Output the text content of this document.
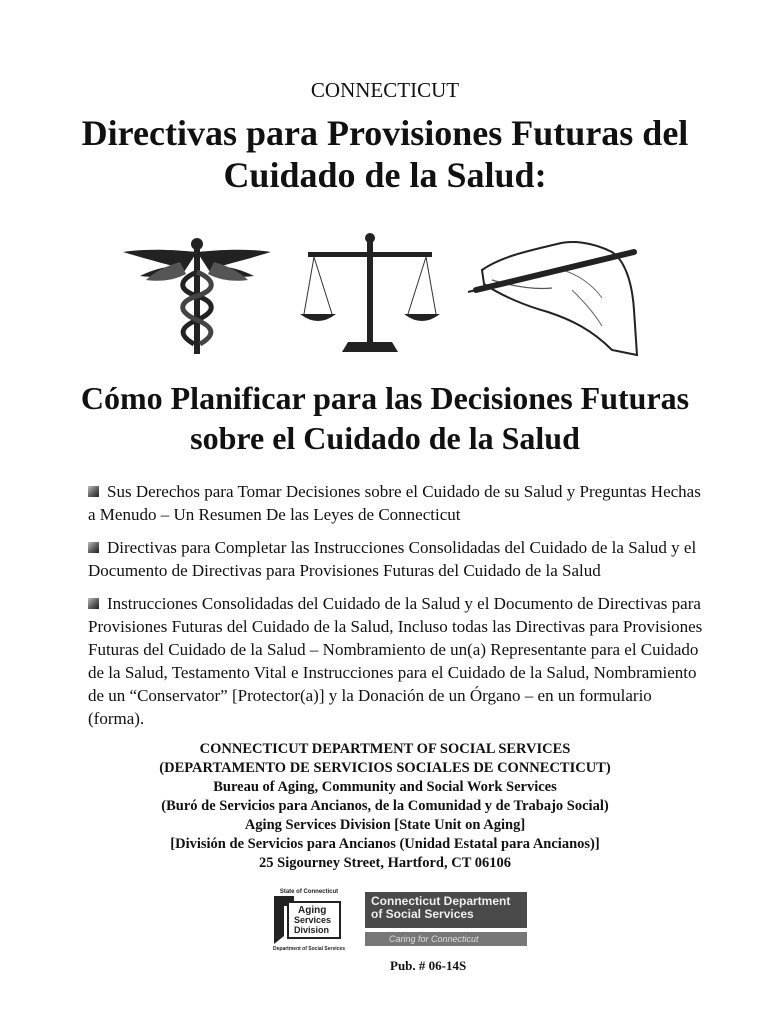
CONNECTICUT
Directivas para Provisiones Futuras del
Cuidado de la Salud:
Cómo Planificar para las Decisiones Futuras
sobre el Cuidado de la Salud
Sus Derechos para Tomar Decisiones sobre el Cuidado de su Salud y Preguntas Hechas a Menudo – Un Resumen De las Leyes de Connecticut
Directivas para Completar las Instrucciones Consolidadas del Cuidado de la Salud y el Documento de Directivas para Provisiones Futuras del Cuidado de la Salud
Instrucciones Consolidadas del Cuidado de la Salud y el Documento de Directivas para Provisiones Futuras del Cuidado de la Salud, Incluso todas las Directivas para Provisiones Futuras del Cuidado de la Salud – Nombramiento de un(a) Representante para el Cuidado de la Salud, Testamento Vital e Instrucciones para el Cuidado de la Salud, Nombramiento de un “Conservator” [Protector(a)] y la Donación de un Órgano – en un formulario (forma).
CONNECTICUT DEPARTMENT OF SOCIAL SERVICES
(DEPARTAMENTO DE SERVICIOS SOCIALES DE CONNECTICUT)
Bureau of Aging, Community and Social Work Services
(Buró de Servicios para Ancianos, de la Comunidad y de Trabajo Social)
Aging Services Division [State Unit on Aging]
[División de Servicios para Ancianos (Unidad Estatal para Ancianos)]
25 Sigourney Street, Hartford, CT 06106
State of Connecticut
Aging
Services
Division
Department of Social Services
Connecticut Department
of Social Services
Caring for Connecticut
Pub. # 06-14S
